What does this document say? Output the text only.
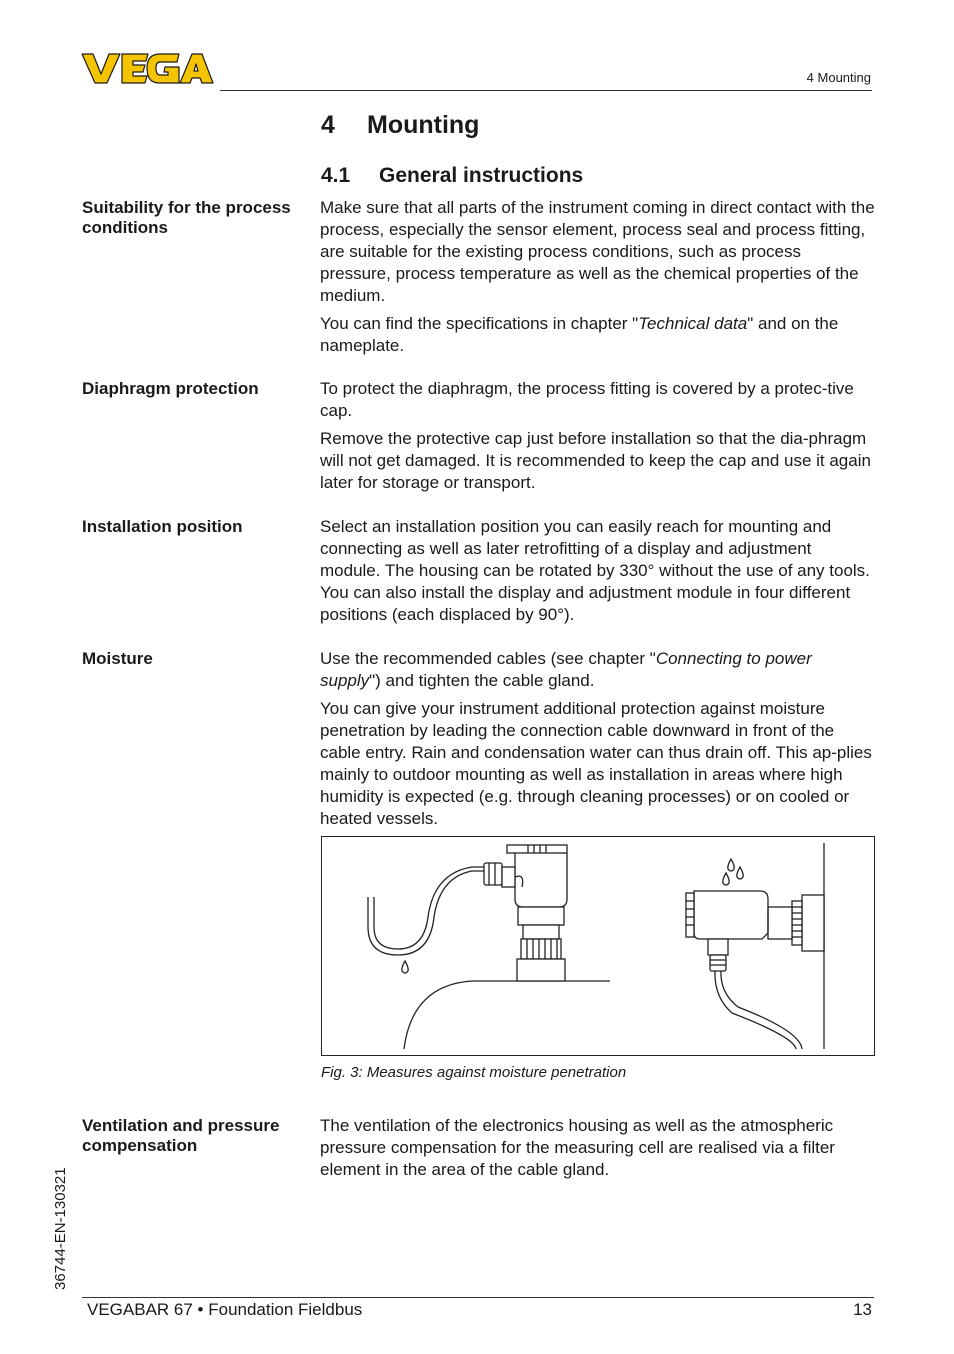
4 Mounting
4 Mounting
4.1 General instructions
Suitability for the process conditions

Make sure that all parts of the instrument coming in direct contact with the process, especially the sensor element, process seal and process fitting, are suitable for the existing process conditions, such as process pressure, process temperature as well as the chemical properties of the medium.

You can find the specifications in chapter "Technical data" and on the nameplate.

Diaphragm protection	To protect the diaphragm, the process fitting is covered by a protec-tive cap.

Remove the protective cap just before installation so that the dia-phragm will not get damaged. It is recommended to keep the cap and use it again later for storage or transport.

Installation position	Select an installation position you can easily reach for mounting and connecting as well as later retrofitting of a display and adjustment module. The housing can be rotated by 330° without the use of any tools. You can also install the display and adjustment module in four different positions (each displaced by 90°).

Moisture	Use the recommended cables (see chapter "Connecting to power supply") and tighten the cable gland.

You can give your instrument additional protection against moisture penetration by leading the connection cable downward in front of the cable entry. Rain and condensation water can thus drain off. This ap-plies mainly to outdoor mounting as well as installation in areas where high humidity is expected (e.g. through cleaning processes) or on cooled or heated vessels.

Fig. 3: Measures against moisture penetration
Ventilation and pressure compensation

The ventilation of the electronics housing as well as the atmospheric pressure compensation for the measuring cell are realised via a filter element in the area of the cable gland.

36744-EN-130321
VEGABAR 67 • Foundation Fieldbus	13
